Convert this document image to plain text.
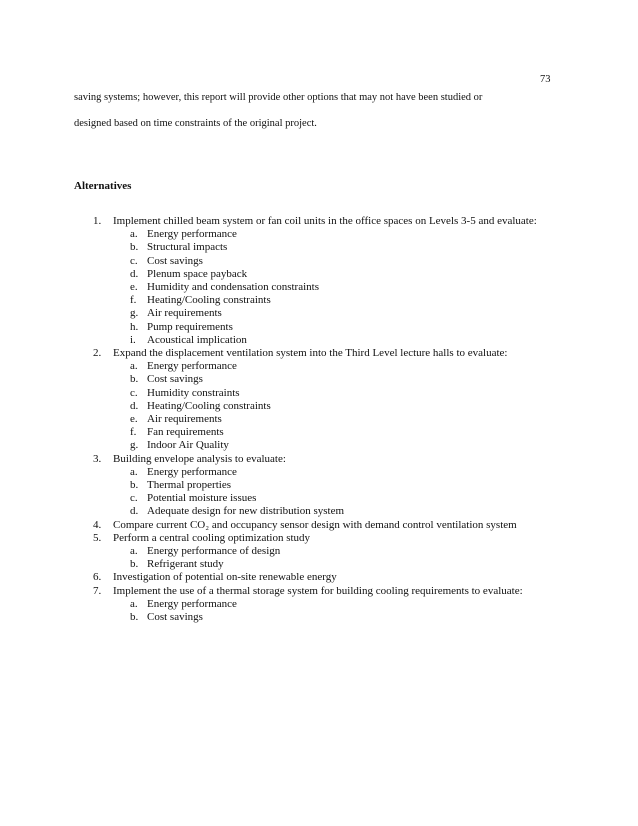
73
saving systems; however, this report will provide other options that may not have been studied or
designed based on time constraints of the original project.
Alternatives
1. Implement chilled beam system or fan coil units in the office spaces on Levels 3-5 and evaluate:
a. Energy performance
b. Structural impacts
c. Cost savings
d. Plenum space payback
e. Humidity and condensation constraints
f. Heating/Cooling constraints
g. Air requirements
h. Pump requirements
i. Acoustical implication
2. Expand the displacement ventilation system into the Third Level lecture halls to evaluate:
a. Energy performance
b. Cost savings
c. Humidity constraints
d. Heating/Cooling constraints
e. Air requirements
f. Fan requirements
g. Indoor Air Quality
3. Building envelope analysis to evaluate:
a. Energy performance
b. Thermal properties
c. Potential moisture issues
d. Adequate design for new distribution system
4. Compare current CO₂ and occupancy sensor design with demand control ventilation system
5. Perform a central cooling optimization study
a. Energy performance of design
b. Refrigerant study
6. Investigation of potential on-site renewable energy
7. Implement the use of a thermal storage system for building cooling requirements to evaluate:
a. Energy performance
b. Cost savings
